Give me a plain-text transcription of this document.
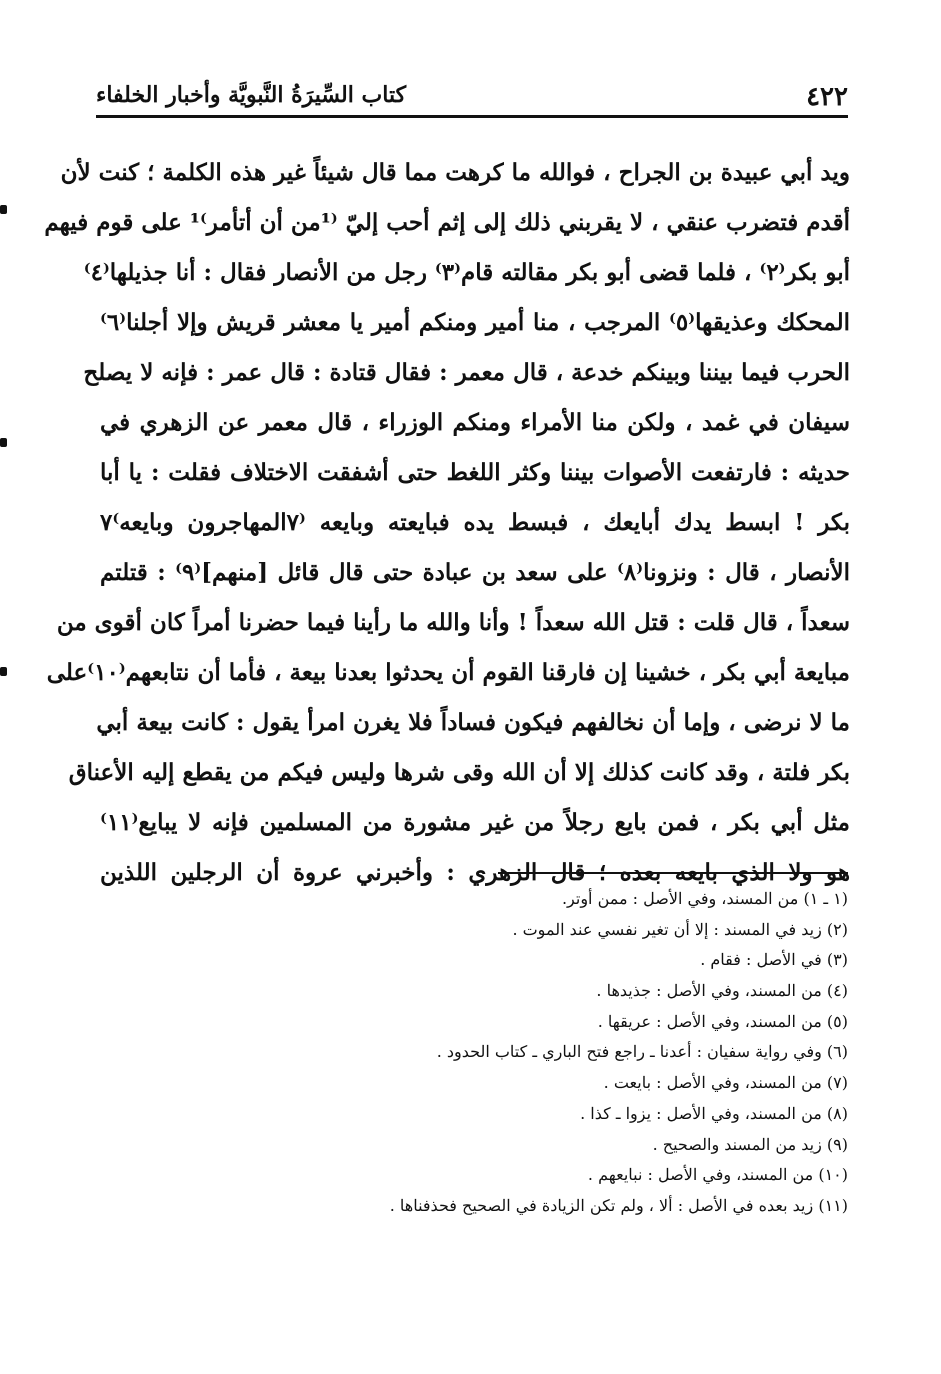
٤٢٢
كتاب السِّيرَةُ النَّبويَّة وأخبار الخلفاء
ويد أبي عبيدة بن الجراح ، فوالله ما كرهت مما قال شيئاً غير هذه الكلمة ؛ كنت لأن
أقدم فتضرب عنقي ، لا يقربني ذلك إلى إثم أحب إليّ ⁽¹من أن أتأمر⁾¹ على قوم فيهم
أبو بكر⁽٢⁾ ، فلما قضى أبو بكر مقالته قام⁽٣⁾ رجل من الأنصار فقال : أنا جذيلها⁽٤⁾
المحكك وعذيقها⁽٥⁾ المرجب ، منا أمير ومنكم أمير يا معشر قريش وإلا أجلنا⁽٦⁾
الحرب فيما بيننا وبينكم خدعة ، قال معمر : فقال قتادة : قال عمر : فإنه لا يصلح
سيفان في غمد ، ولكن منا الأمراء ومنكم الوزراء ، قال معمر عن الزهري في
حديثه : فارتفعت الأصوات بيننا وكثر اللغط حتى أشفقت الاختلاف فقلت : يا أبا
بكر ! ابسط يدك أبايعك ، فبسط يده فبايعته وبايعه ⁽٧المهاجرون وبايعه⁾٧
الأنصار ، قال : ونزونا⁽٨⁾ على سعد بن عبادة حتى قال قائل [منهم]⁽٩⁾ : قتلتم
سعداً ، قال قلت : قتل الله سعداً ! وأنا والله ما رأينا فيما حضرنا أمراً كان أقوى من
مبايعة أبي بكر ، خشينا إن فارقنا القوم أن يحدثوا بعدنا بيعة ، فأما أن نتابعهم⁽١٠⁾على
ما لا نرضى ، وإما أن نخالفهم فيكون فساداً فلا يغرن امرأ يقول : كانت بيعة أبي
بكر فلتة ، وقد كانت كذلك إلا أن الله وقى شرها وليس فيكم من يقطع إليه الأعناق
مثل أبي بكر ، فمن بايع رجلاً من غير مشورة من المسلمين فإنه لا يبايع⁽١١⁾
هو ولا الذي بايعه بعده ؛ قال الزهري : وأخبرني عروة أن الرجلين اللذين
(١ ـ ١) من المسند، وفي الأصل : ممن أوتر.
(٢) زيد في المسند : إلا أن تغير نفسي عند الموت .
(٣) في الأصل : فقام .
(٤) من المسند، وفي الأصل : جذيدها .
(٥) من المسند، وفي الأصل : عريقها .
(٦) وفي رواية سفيان : أعدنا ـ راجع فتح الباري ـ كتاب الحدود .
(٧) من المسند، وفي الأصل : بايعت .
(٨) من المسند، وفي الأصل : يزوا ـ كذا .
(٩) زيد من المسند والصحيح .
(١٠) من المسند، وفي الأصل : نبايعهم .
(١١) زيد بعده في الأصل : ألا ، ولم تكن الزيادة في الصحيح فحذفناها .
